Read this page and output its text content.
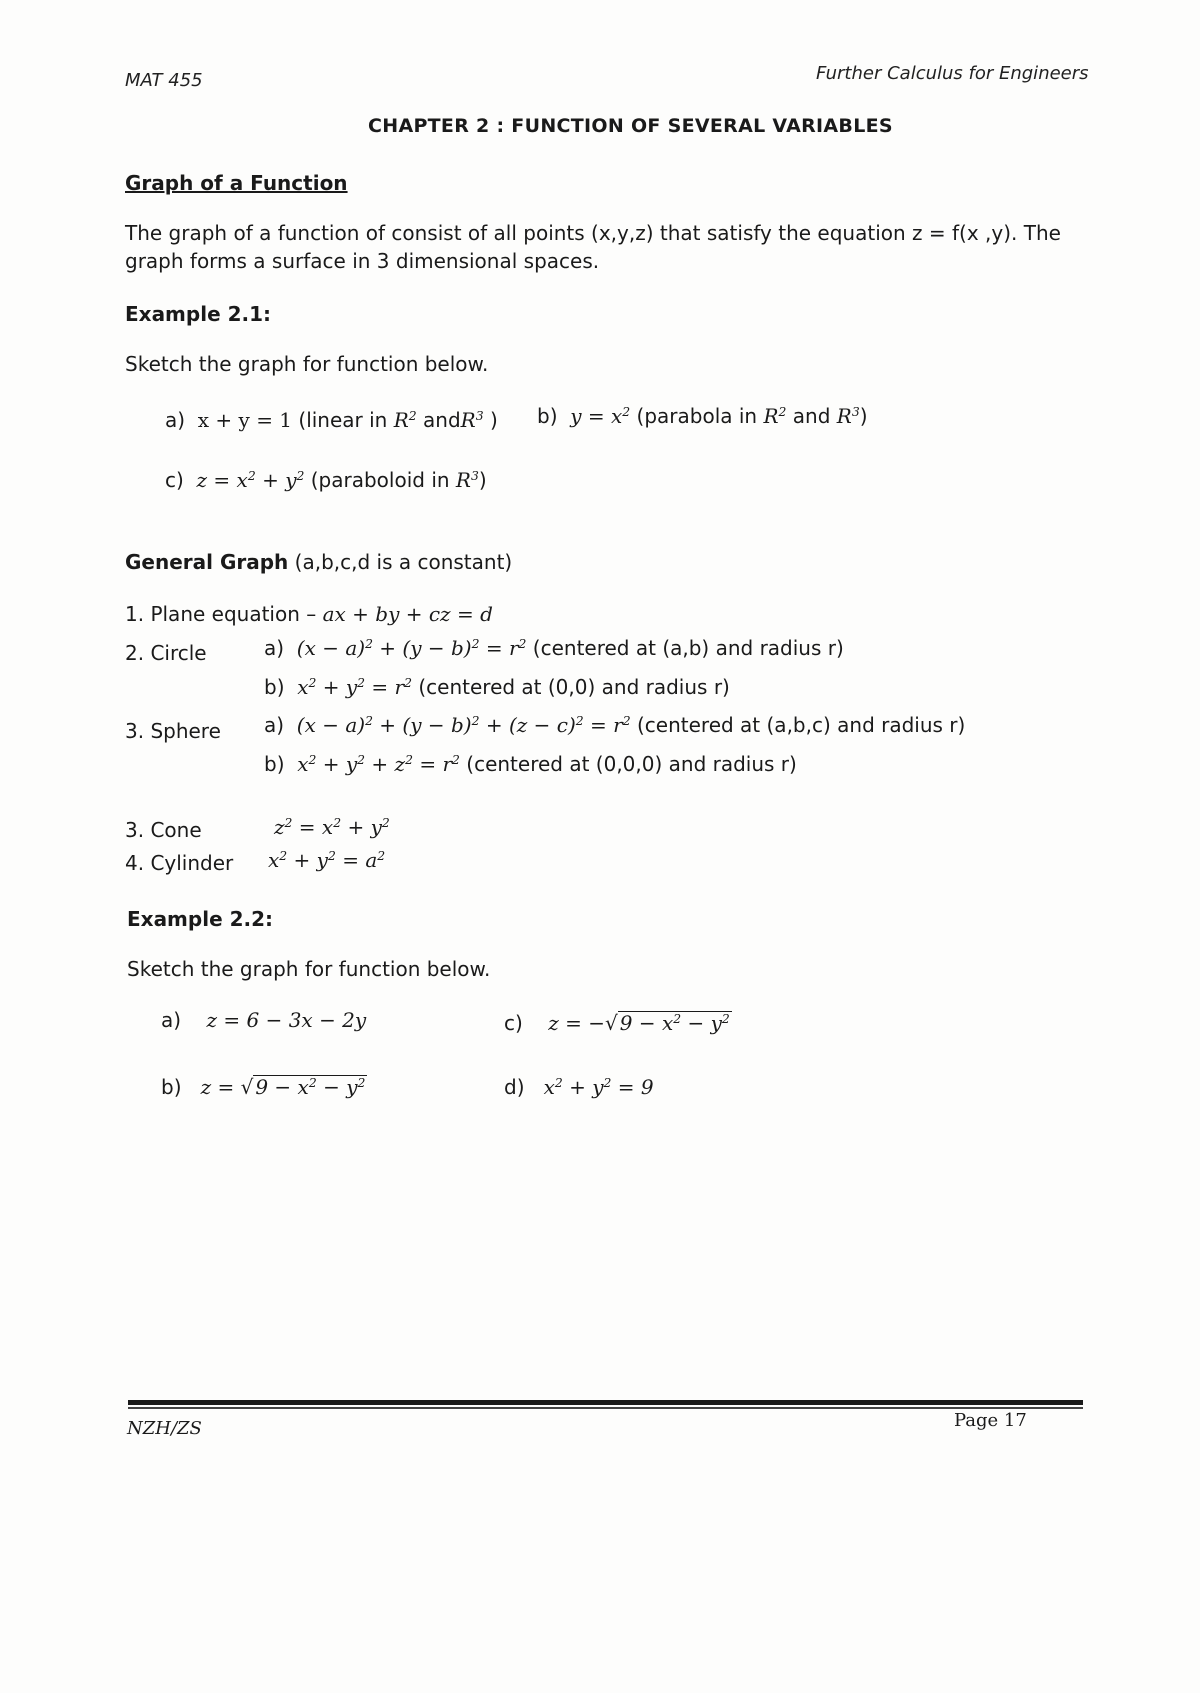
MAT 455	Further Calculus for Engineers
CHAPTER 2 : FUNCTION OF SEVERAL VARIABLES
Graph of a Function
The graph of a function of consist of all points (x,y,z) that satisfy the equation z = f(x ,y). The
graph forms a surface in 3 dimensional spaces.
Example 2.1:
Sketch the graph for function below.
a) x + y = 1 (linear in $R^2$ andR$^3$ ) b) $y = x^2$ (parabola in $R^2$ and $R^3$)
c) $z = x^2 + y^2$ (paraboloid in $R^3$)
General Graph (a,b,c,d is a constant)
1. Plane equation – ax + by + cz = d
2. Circle	a) $(x - a)^2 + (y - b)^2 = r^2$ (centered at (a,b) and radius r)
b) $x^2 + y^2 = r^2$ (centered at (0,0) and radius r)
3. Sphere a) $(x - a)^2 + (y - b)^2 + (z - c)^2 = r^2$ (centered at (a,b,c) and radius r)
b) $x^2 + y^2 + z^2 = r^2$ (centered at (0,0,0) and radius r)
3. Cone	$z^2 = x^2 + y^2$
4. Cylinder $x^2 + y^2 = a^2$
Example 2.2:
Sketch the graph for function below.
a) z = 6 − 3x − 2y
b) z = √ $9 - x^2 - y^2$
c) z = −√ $9 - x^2 - y^2$
d) $x^2 + y^2 = 9$
NZH/ZS	Page 17
